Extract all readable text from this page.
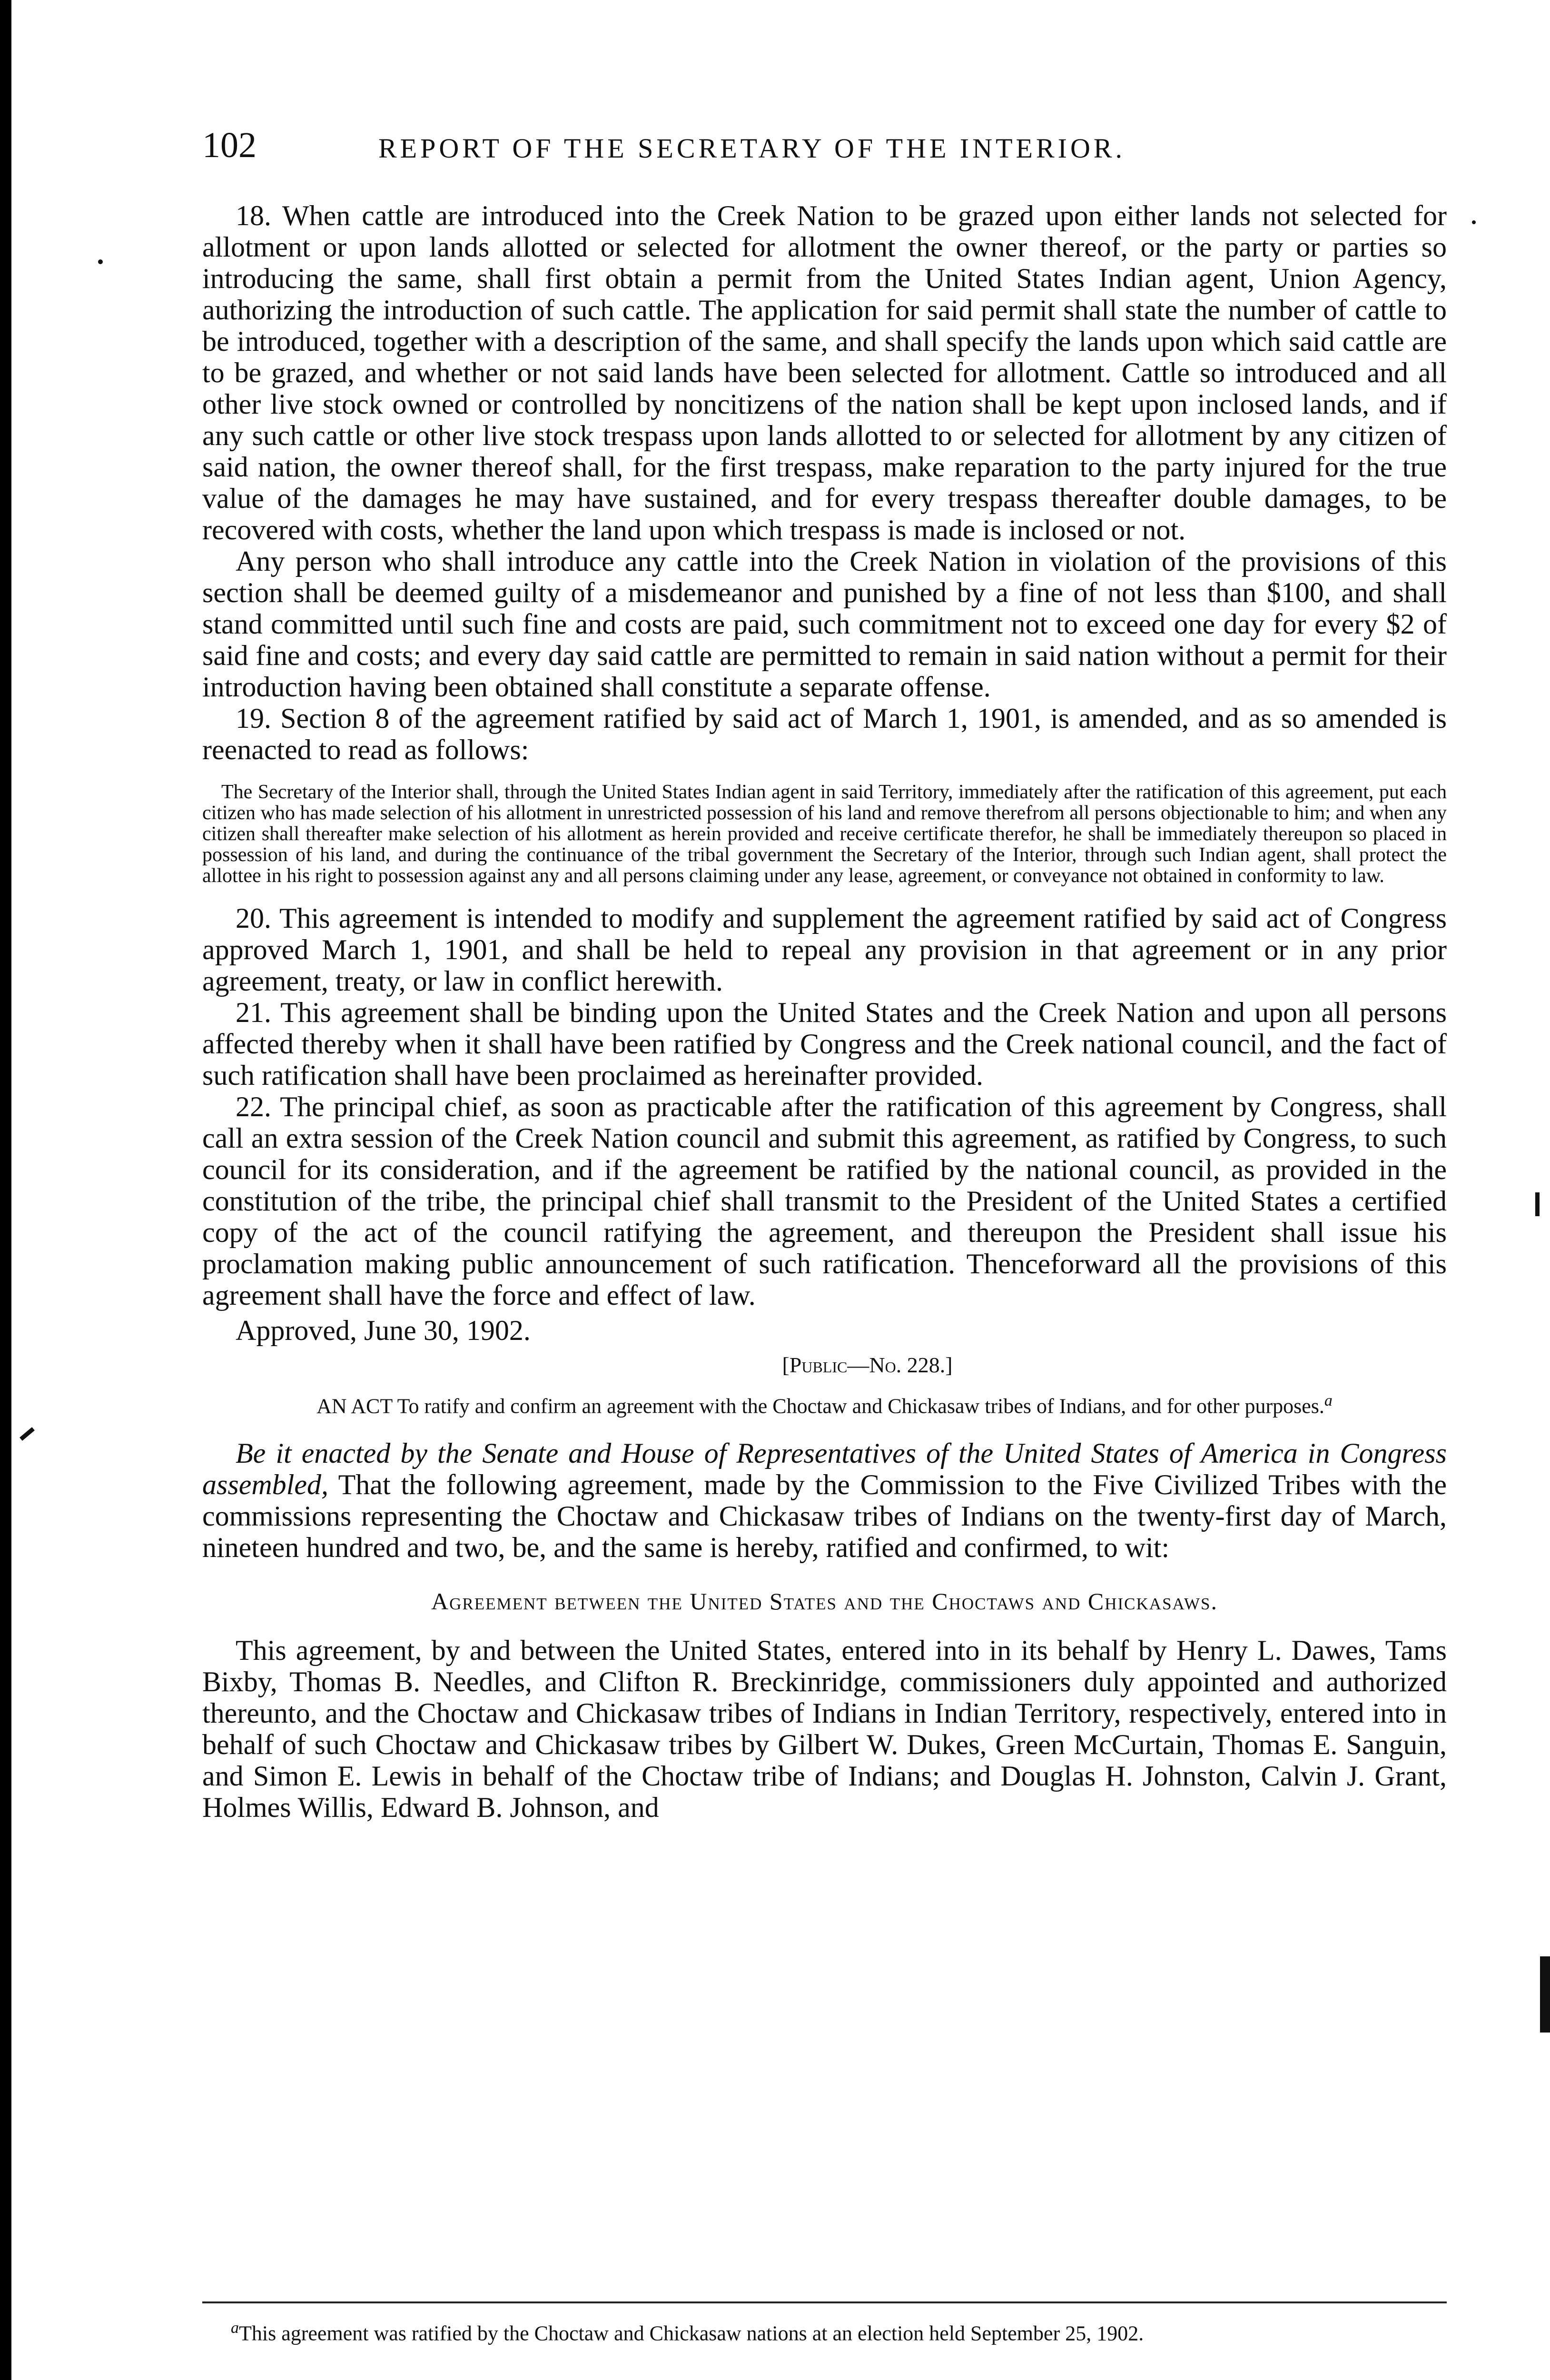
102	REPORT OF THE SECRETARY OF THE INTERIOR.

18. When cattle are introduced into the Creek Nation to be grazed upon either lands not selected for allotment or upon lands allotted or selected for allotment the owner thereof, or the party or parties so introducing the same, shall first obtain a permit from the United States Indian agent, Union Agency, authorizing the introduction of such cattle. The application for said permit shall state the number of cattle to be introduced, together with a description of the same, and shall specify the lands upon which said cattle are to be grazed, and whether or not said lands have been selected for allotment. Cattle so introduced and all other live stock owned or controlled by noncitizens of the nation shall be kept upon inclosed lands, and if any such cattle or other live stock trespass upon lands allotted to or selected for allotment by any citizen of said nation, the owner thereof shall, for the first trespass, make reparation to the party injured for the true value of the damages he may have sustained, and for every trespass thereafter double damages, to be recovered with costs, whether the land upon which trespass is made is inclosed or not.

Any person who shall introduce any cattle into the Creek Nation in violation of the provisions of this section shall be deemed guilty of a misdemeanor and punished by a fine of not less than $100, and shall stand committed until such fine and costs are paid, such commitment not to exceed one day for every $2 of said fine and costs; and every day said cattle are permitted to remain in said nation without a permit for their introduction having been obtained shall constitute a separate offense.

19. Section 8 of the agreement ratified by said act of March 1, 1901, is amended, and as so amended is reenacted to read as follows:

The Secretary of the Interior shall, through the United States Indian agent in said Territory, immediately after the ratification of this agreement, put each citizen who has made selection of his allotment in unrestricted possession of his land and remove therefrom all persons objectionable to him; and when any citizen shall thereafter make selection of his allotment as herein provided and receive certificate therefor, he shall be immediately thereupon so placed in possession of his land, and during the continuance of the tribal government the Secretary of the Interior, through such Indian agent, shall protect the allottee in his right to possession against any and all persons claiming under any lease, agreement, or conveyance not obtained in conformity to law.

20. This agreement is intended to modify and supplement the agreement ratified by said act of Congress approved March 1, 1901, and shall be held to repeal any provision in that agreement or in any prior agreement, treaty, or law in conflict herewith.

21. This agreement shall be binding upon the United States and the Creek Nation and upon all persons affected thereby when it shall have been ratified by Congress and the Creek national council, and the fact of such ratification shall have been proclaimed as hereinafter provided.

22. The principal chief, as soon as practicable after the ratification of this agreement by Congress, shall call an extra session of the Creek Nation council and submit this agreement, as ratified by Congress, to such council for its consideration, and if the agreement be ratified by the national council, as provided in the constitution of the tribe, the principal chief shall transmit to the President of the United States a certified copy of the act of the council ratifying the agreement, and thereupon the President shall issue his proclamation making public announcement of such ratification. Thenceforward all the provisions of this agreement shall have the force and effect of law.

Approved, June 30, 1902.

[Public—No. 228.]

AN ACT To ratify and confirm an agreement with the Choctaw and Chickasaw tribes of Indians, and for other purposes.$^a$

Be it enacted by the Senate and House of Representatives of the United States of America in Congress assembled, That the following agreement, made by the Commission to the Five Civilized Tribes with the commissions representing the Choctaw and Chickasaw tribes of Indians on the twenty-first day of March, nineteen hundred and two, be, and the same is hereby, ratified and confirmed, to wit:

Agreement between the United States and the Choctaws and Chickasaws.

This agreement, by and between the United States, entered into in its behalf by Henry L. Dawes, Tams Bixby, Thomas B. Needles, and Clifton R. Breckinridge, commissioners duly appointed and authorized thereunto, and the Choctaw and Chickasaw tribes of Indians in Indian Territory, respectively, entered into in behalf of such Choctaw and Chickasaw tribes by Gilbert W. Dukes, Green McCurtain, Thomas E. Sanguin, and Simon E. Lewis in behalf of the Choctaw tribe of Indians; and Douglas H. Johnston, Calvin J. Grant, Holmes Willis, Edward B. Johnson, and

$^a$This agreement was ratified by the Choctaw and Chickasaw nations at an election held September 25, 1902.
